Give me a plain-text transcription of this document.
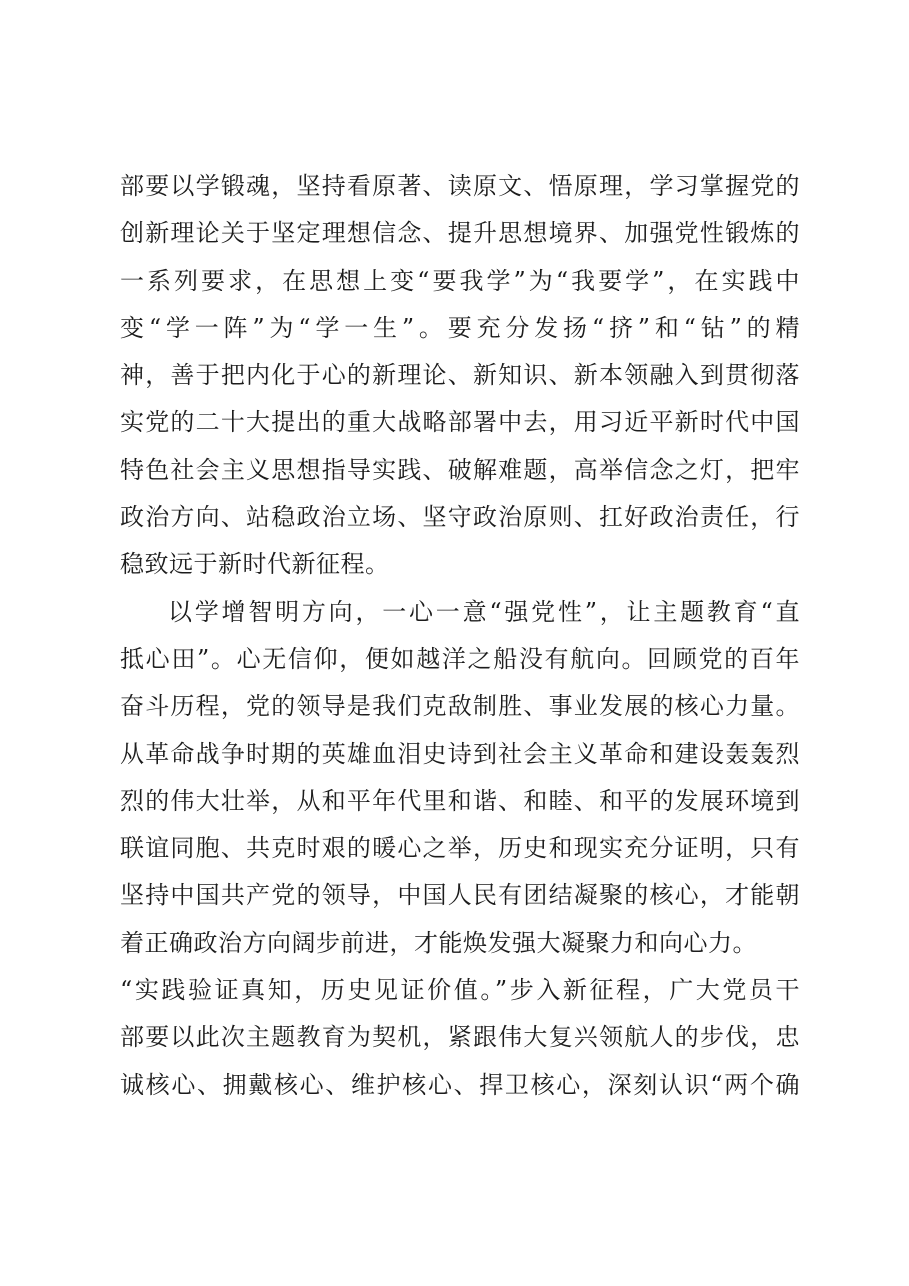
部要以学锻魂，坚持看原著、读原文、悟原理，学习掌握党的
创新理论关于坚定理想信念、提升思想境界、加强党性锻炼的
一系列要求，在思想上变“要我学”为“我要学”，在实践中
变“学一阵”为“学一生”。要充分发扬“挤”和“钻”的精
神，善于把内化于心的新理论、新知识、新本领融入到贯彻落
实党的二十大提出的重大战略部署中去，用习近平新时代中国
特色社会主义思想指导实践、破解难题，高举信念之灯，把牢
政治方向、站稳政治立场、坚守政治原则、扛好政治责任，行
稳致远于新时代新征程。
以学增智明方向，一心一意“强党性”，让主题教育“直
抵心田”。心无信仰，便如越洋之船没有航向。回顾党的百年
奋斗历程，党的领导是我们克敌制胜、事业发展的核心力量。
从革命战争时期的英雄血泪史诗到社会主义革命和建设轰轰烈
烈的伟大壮举，从和平年代里和谐、和睦、和平的发展环境到
联谊同胞、共克时艰的暖心之举，历史和现实充分证明，只有
坚持中国共产党的领导，中国人民有团结凝聚的核心，才能朝
着正确政治方向阔步前进，才能焕发强大凝聚力和向心力。
“实践验证真知，历史见证价值。”步入新征程，广大党员干
部要以此次主题教育为契机，紧跟伟大复兴领航人的步伐，忠
诚核心、拥戴核心、维护核心、捍卫核心，深刻认识“两个确
